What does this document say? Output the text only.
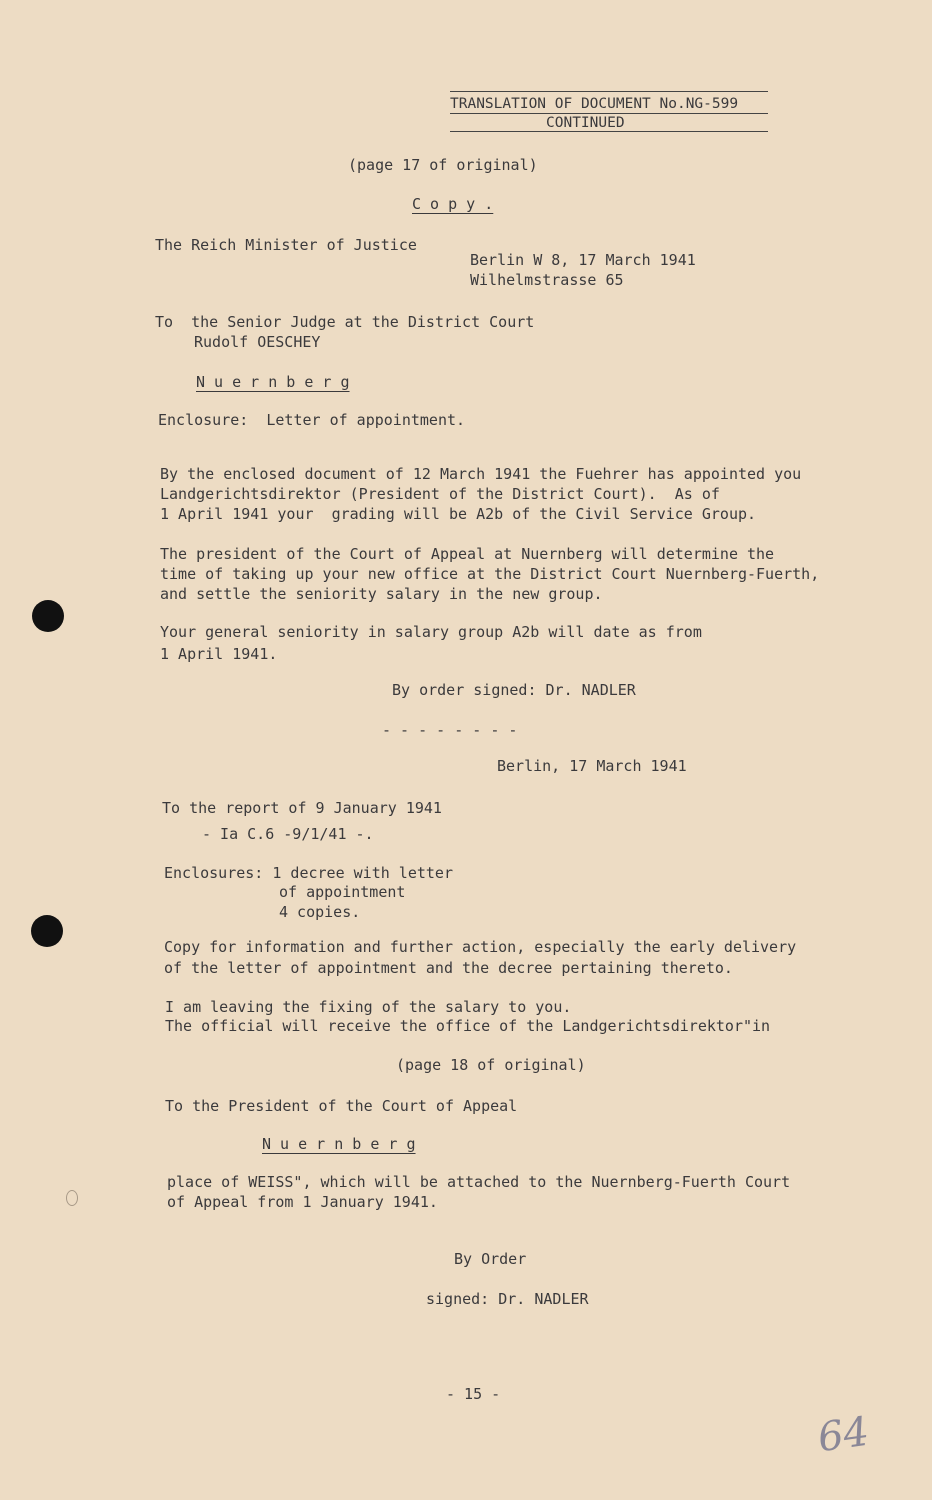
TRANSLATION OF DOCUMENT No.NG-599
CONTINUED
(page 17 of original)
C o p y .
The Reich Minister of Justice
Berlin W 8, 17 March 1941
Wilhelmstrasse 65
To  the Senior Judge at the District Court
Rudolf OESCHEY
N u e r n b e r g
Enclosure:  Letter of appointment.
By the enclosed document of 12 March 1941 the Fuehrer has appointed you
Landgerichtsdirektor (President of the District Court).  As of
1 April 1941 your  grading will be A2b of the Civil Service Group.
The president of the Court of Appeal at Nuernberg will determine the
time of taking up your new office at the District Court Nuernberg-Fuerth,
and settle the seniority salary in the new group.
Your general seniority in salary group A2b will date as from
1 April 1941.
By order signed: Dr. NADLER
- - - - - - - -
Berlin, 17 March 1941
To the report of 9 January 1941
- Ia C.6 -9/1/41 -.
Enclosures: 1 decree with letter
of appointment
4 copies.
Copy for information and further action, especially the early delivery
of the letter of appointment and the decree pertaining thereto.
I am leaving the fixing of the salary to you.
The official will receive the office of the Landgerichtsdirektor"in
(page 18 of original)
To the President of the Court of Appeal
N u e r n b e r g
place of WEISS", which will be attached to the Nuernberg-Fuerth Court
of Appeal from 1 January 1941.
By Order
signed: Dr. NADLER
- 15 -
64
